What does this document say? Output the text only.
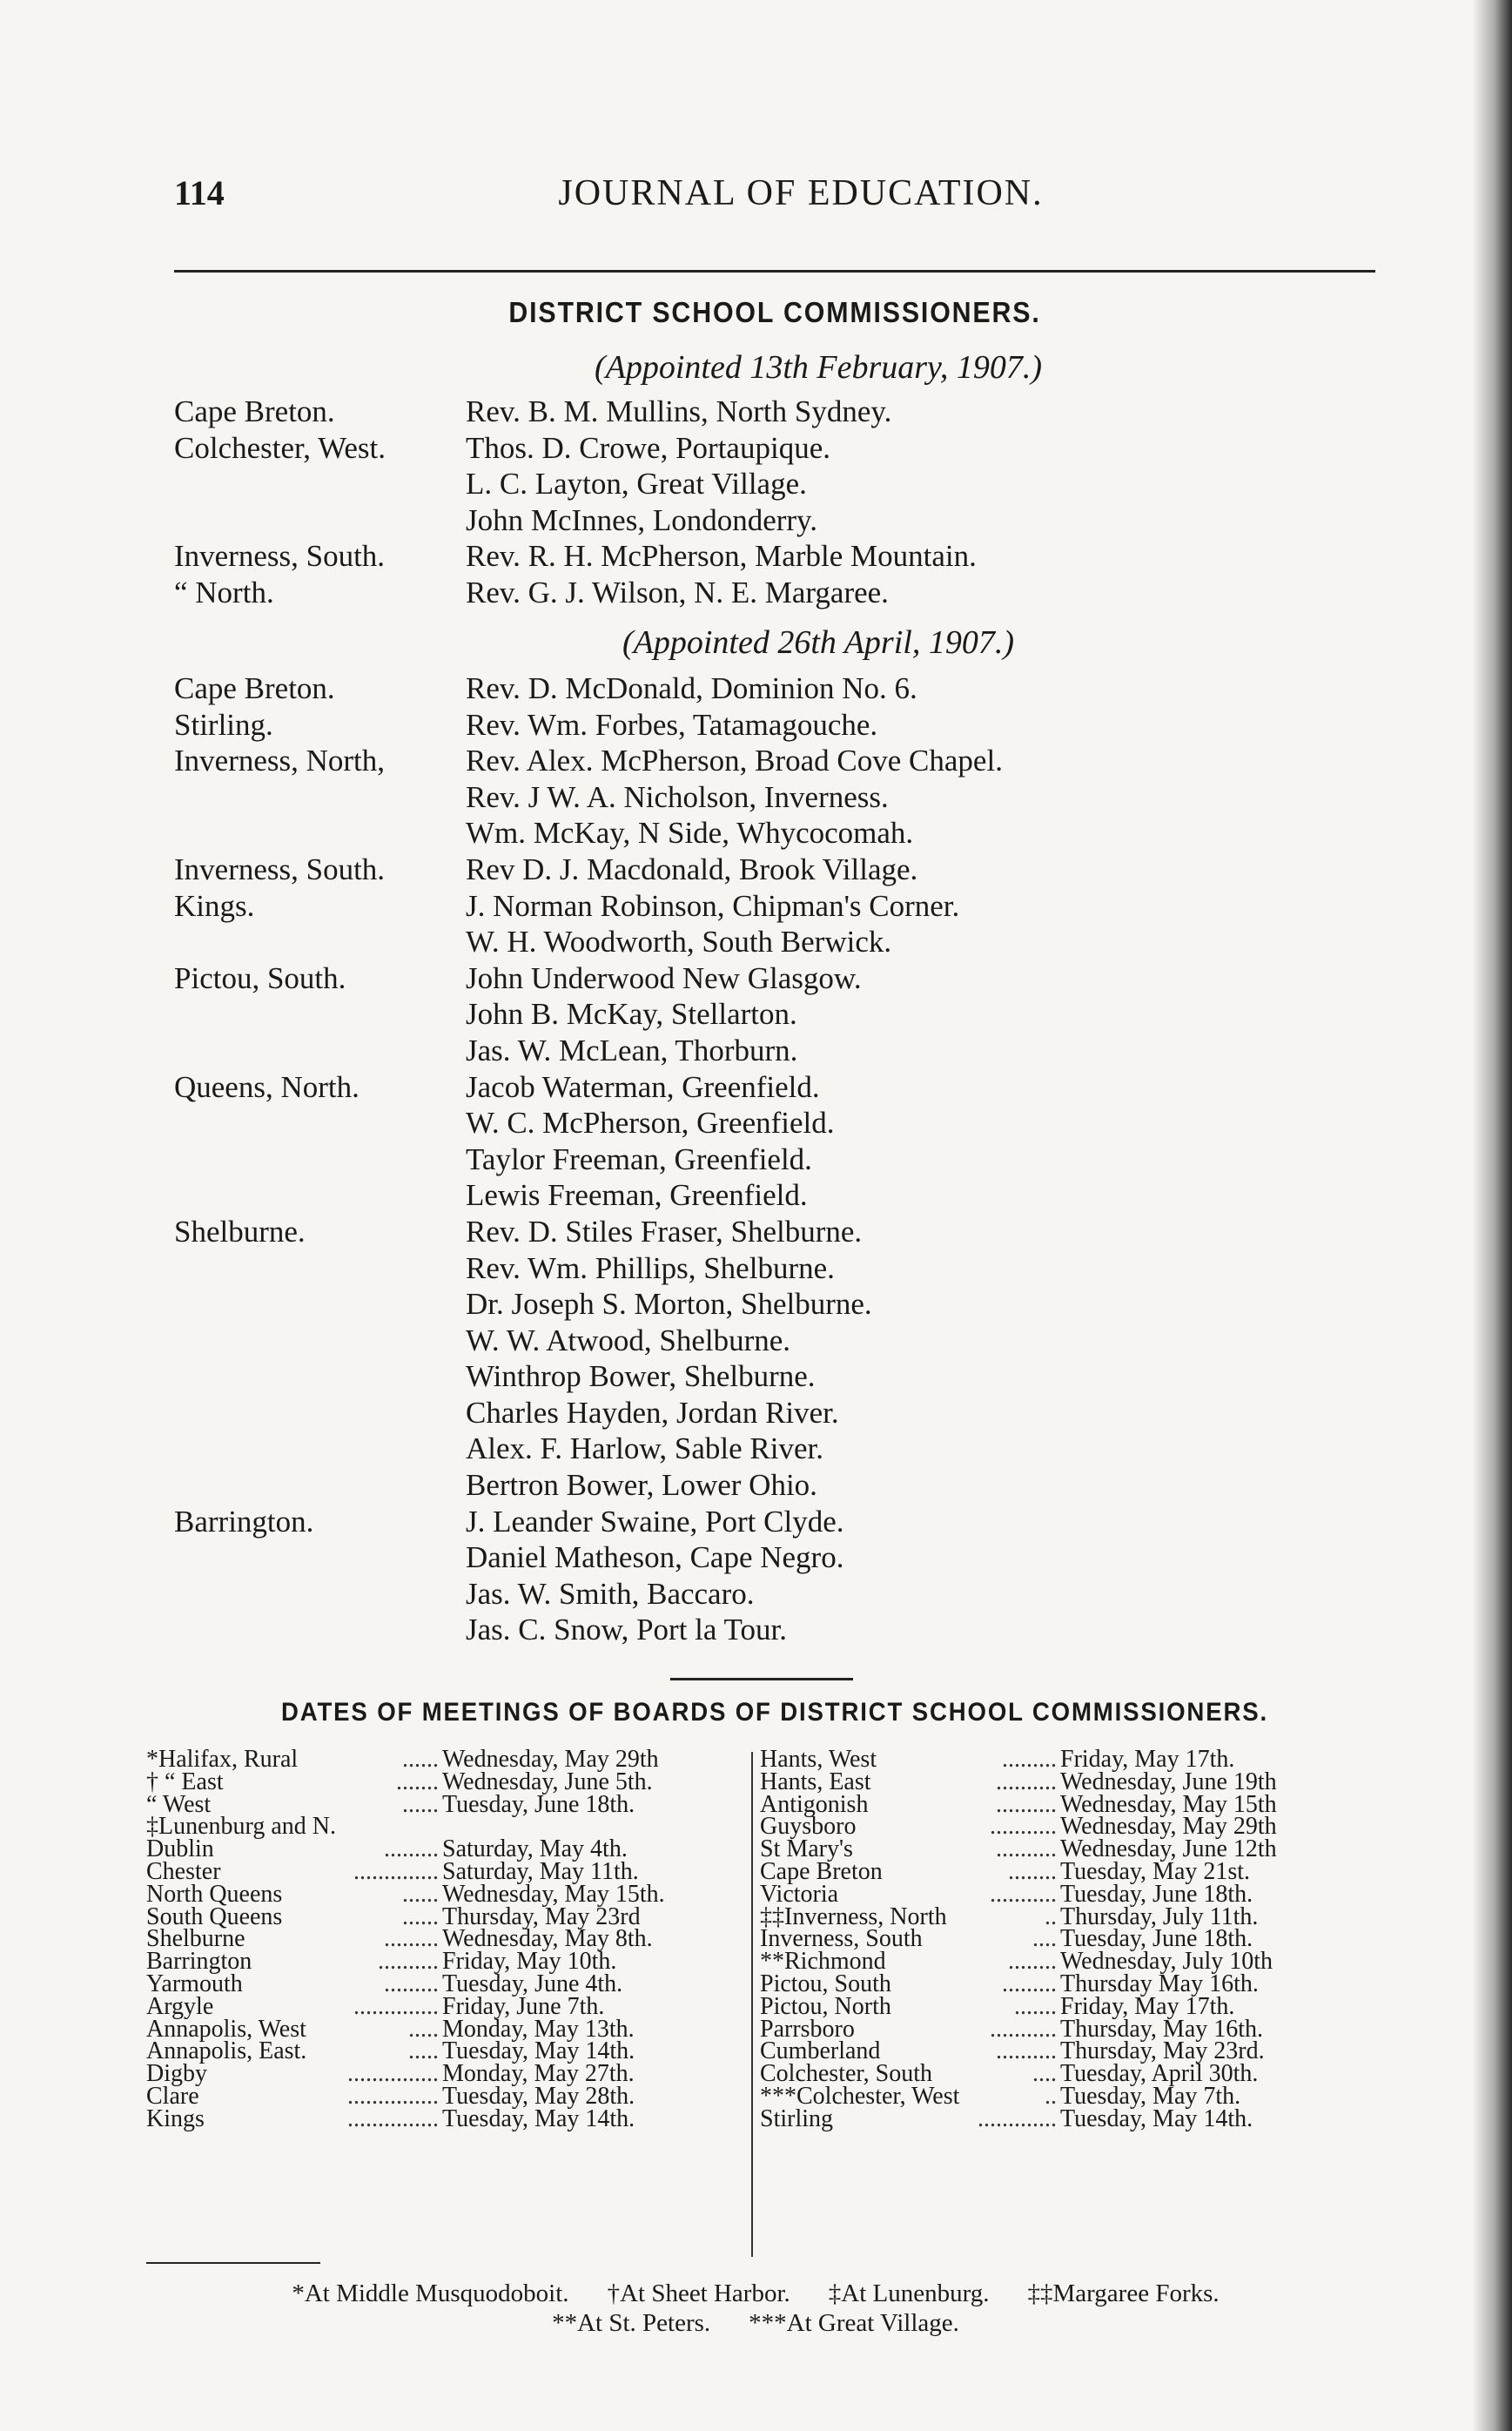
114	JOURNAL OF EDUCATION.
DISTRICT SCHOOL COMMISSIONERS.
(Appointed 13th February, 1907.)
Cape Breton.	Rev. B. M. Mullins, North Sydney.
Colchester, West.	Thos. D. Crowe, Portaupique.
L. C. Layton, Great Village.
John McInnes, Londonderry.
Inverness, South.	Rev. R. H. McPherson, Marble Mountain.
“ North.	Rev. G. J. Wilson, N. E. Margaree.
(Appointed 26th April, 1907.)
Cape Breton.	Rev. D. McDonald, Dominion No. 6.
Stirling.	Rev. Wm. Forbes, Tatamagouche.
Inverness, North,	Rev. Alex. McPherson, Broad Cove Chapel.
Rev. J W. A. Nicholson, Inverness.
Wm. McKay, N Side, Whycocomah.
Inverness, South.	Rev D. J. Macdonald, Brook Village.
Kings.	J. Norman Robinson, Chipman's Corner.
W. H. Woodworth, South Berwick.
Pictou, South.	John Underwood New Glasgow.
John B. McKay, Stellarton.
Jas. W. McLean, Thorburn.
Queens, North.	Jacob Waterman, Greenfield.
W. C. McPherson, Greenfield.
Taylor Freeman, Greenfield.
Lewis Freeman, Greenfield.
Shelburne.	Rev. D. Stiles Fraser, Shelburne.
Rev. Wm. Phillips, Shelburne.
Dr. Joseph S. Morton, Shelburne.
W. W. Atwood, Shelburne.
Winthrop Bower, Shelburne.
Charles Hayden, Jordan River.
Alex. F. Harlow, Sable River.
Bertron Bower, Lower Ohio.
Barrington.	J. Leander Swaine, Port Clyde.
Daniel Matheson, Cape Negro.
Jas. W. Smith, Baccaro.
Jas. C. Snow, Port la Tour.
DATES OF MEETINGS OF BOARDS OF DISTRICT SCHOOL COMMISSIONERS.
......
*Halifax, Rural	Wednesday, May 29th
.......
† “ East	Wednesday, June 5th.
......
“ West	Tuesday, June 18th.
‡Lunenburg and N.
.........
Dublin	Saturday, May 4th.
..............
Chester	Saturday, May 11th.
......
North Queens	Wednesday, May 15th.
......
South Queens	Thursday, May 23rd
.........
Shelburne	Wednesday, May 8th.
..........
Barrington	Friday, May 10th.
.........
Yarmouth	Tuesday, June 4th.
..............
Argyle	Friday, June 7th.
.....
Annapolis, West	Monday, May 13th.
.....
Annapolis, East.	Tuesday, May 14th.
...............
Digby	Monday, May 27th.
...............
Clare	Tuesday, May 28th.
...............
Kings	Tuesday, May 14th.
.........
Hants, West	Friday, May 17th.
..........
Hants, East	Wednesday, June 19th
..........
Antigonish	Wednesday, May 15th
...........
Guysboro	Wednesday, May 29th
..........
St Mary's	Wednesday, June 12th
........
Cape Breton	Tuesday, May 21st.
...........
Victoria	Tuesday, June 18th.
..
‡‡Inverness, North	Thursday, July 11th.
....
Inverness, South	Tuesday, June 18th.
........
**Richmond	Wednesday, July 10th
.........
Pictou, South	Thursday May 16th.
.......
Pictou, North	Friday, May 17th.
...........
Parrsboro	Thursday, May 16th.
..........
Cumberland	Thursday, May 23rd.
....
Colchester, South	Tuesday, April 30th.
..
***Colchester, West	Tuesday, May 7th.
.............
Stirling	Tuesday, May 14th.
*At Middle Musquodoboit. †At Sheet Harbor. ‡At Lunenburg. ‡‡Margaree Forks.
**At St. Peters. ***At Great Village.
